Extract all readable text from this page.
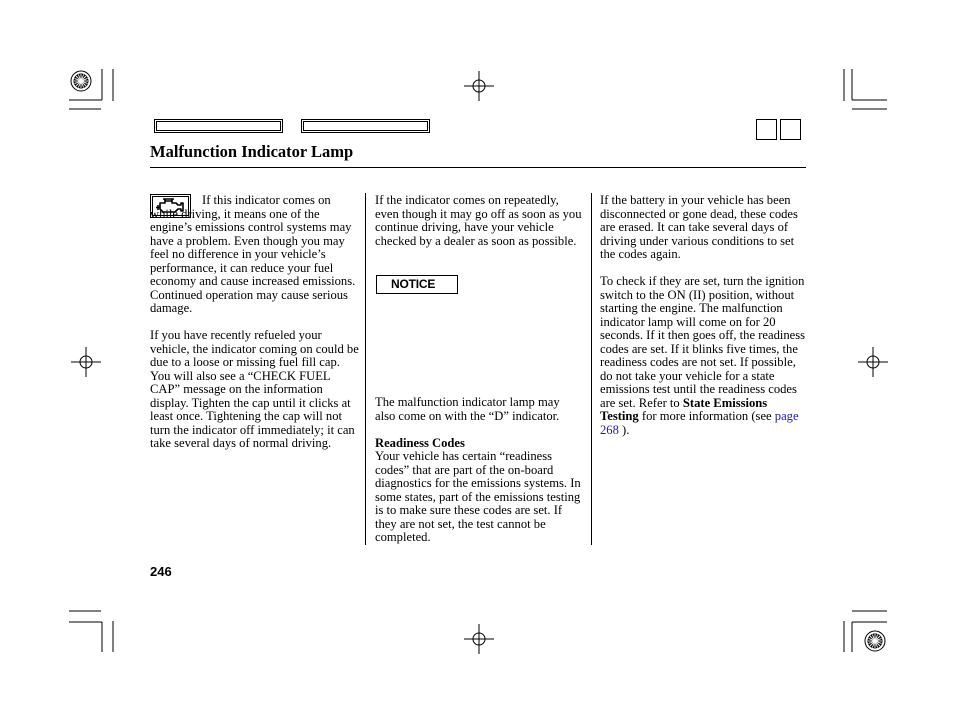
Malfunction Indicator Lamp

If this indicator comes on while driving, it means one of the engine’s emissions control systems may have a problem. Even though you may feel no difference in your vehicle’s performance, it can reduce your fuel economy and cause increased emissions. Continued operation may cause serious damage.

If you have recently refueled your vehicle, the indicator coming on could be due to a loose or missing fuel fill cap. You will also see a “CHECK FUEL CAP” message on the information display. Tighten the cap until it clicks at least once. Tightening the cap will not turn the indicator off immediately; it can take several days of normal driving.

If the indicator comes on repeatedly, even though it may go off as soon as you continue driving, have your vehicle checked by a dealer as soon as possible.

NOTICE

The malfunction indicator lamp may also come on with the “D” indicator.

Readiness Codes

Your vehicle has certain “readiness codes” that are part of the on-board diagnostics for the emissions systems. In some states, part of the emissions testing is to make sure these codes are set. If they are not set, the test cannot be completed.

If the battery in your vehicle has been disconnected or gone dead, these codes are erased. It can take several days of driving under various conditions to set the codes again.

To check if they are set, turn the ignition switch to the ON (II) position, without starting the engine. The malfunction indicator lamp will come on for 20 seconds. If it then goes off, the readiness codes are set. If it blinks five times, the readiness codes are not set. If possible, do not take your vehicle for a state emissions test until the readiness codes are set. Refer to State Emissions Testing for more information (see page 268 ).

246
